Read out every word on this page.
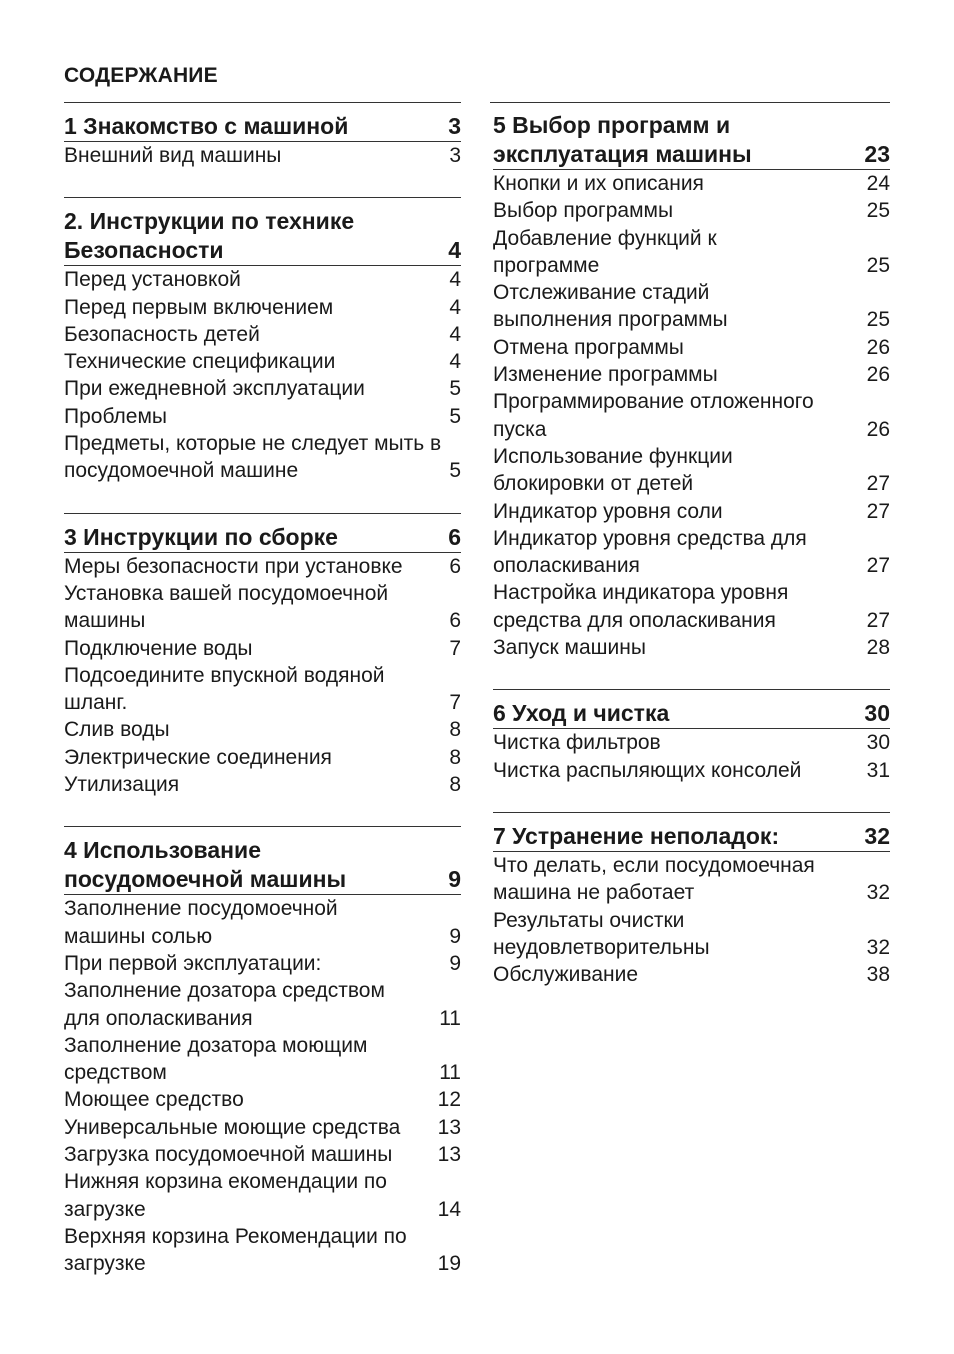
СОДЕРЖАНИЕ
1 Знакомство с машиной	3
Внешний вид машины	3
2. Инструкции по технике Безопасности	4
Перед установкой	4
Перед первым включением	4
Безопасность детей	4
Технические спецификации	4
При ежедневной эксплуатации	5
Проблемы	5
Предметы, которые не следует мыть в посудомоечной машине	5
3 Инструкции по сборке	6
Меры безопасности при установке 6
Установка вашей посудомоечной машины	6
Подключение воды	7
Подсоедините впускной водяной шланг.	7
Слив воды	8
Электрические соединения	8
Утилизация	8
4 Использование посудомоечной машины	9
Заполнение посудомоечной машины солью	9
При первой эксплуатации:	9
Заполнение дозатора средством для ополаскивания	11
Заполнение дозатора моющим средством	11
Моющее средство	12
Универсальные моющие средства 13
Загрузка посудомоечной машины 13
Нижняя корзина екомендации по загрузке	14
Верхняя корзина Рекомендации по загрузке	19
5 Выбор программ и эксплуатация машины	23
Кнопки и их описания	24
Выбор программы	25
Добавление функций к программе	25
Отслеживание стадий выполнения программы	25
Отмена программы	26
Изменение программы	26
Программирование отложенного пуска	26
Использование функции блокировки от детей	27
Индикатор уровня соли	27
Индикатор уровня средства для ополаскивания	27
Настройка индикатора уровня средства для ополаскивания	27
Запуск машины	28
6 Уход и чистка	30
Чистка фильтров	30
Чистка распыляющих консолей	31
7 Устранение неполадок:	32
Что делать, если посудомоечная машина не работает	32
Результаты очистки неудовлетворительны	32
Обслуживание	38
